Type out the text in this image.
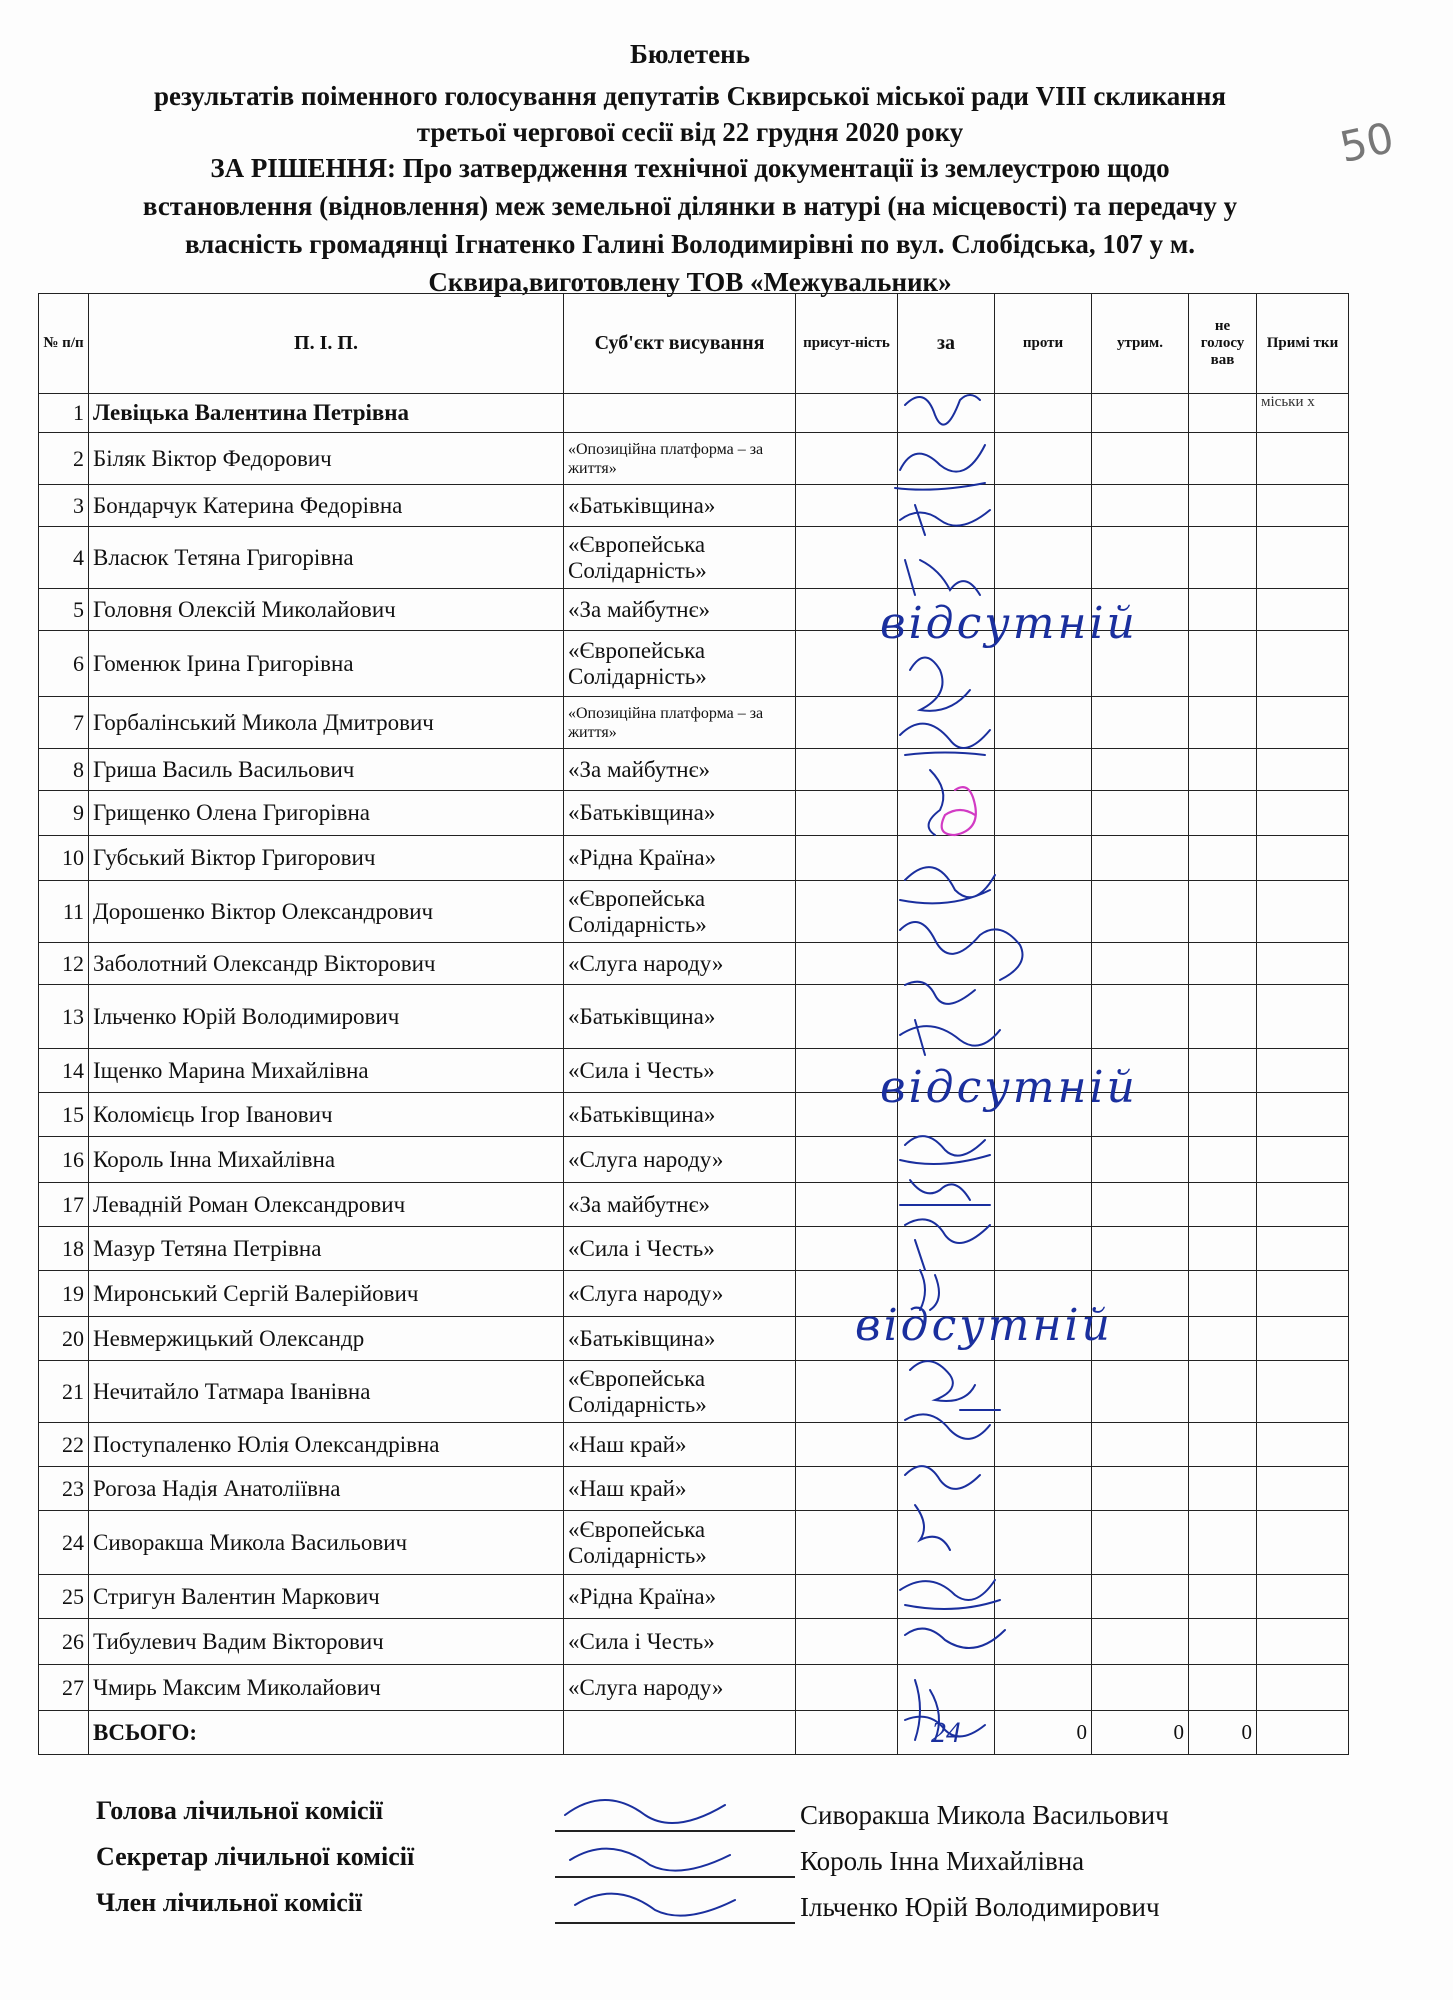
Бюлетень
результатів поіменного голосування депутатів Сквирської міської ради VIII скликання
третьої чергової сесії від 22 грудня 2020 року
ЗА РІШЕННЯ: Про затвердження технічної документації із землеустрою щодо
встановлення (відновлення) меж земельної ділянки в натурі (на місцевості) та передачу у
власність громадянці Ігнатенко Галині Володимирівні по вул. Слобідська, 107 у м.
Сквира,виготовлену ТОВ «Межувальник»
50
№ п/п	П. І. П.	Суб'єкт висування	присут-ність	за	проти	утрим.	не голосу вав	Примі тки
1	Левіцька Валентина Петрівна							міськи х
2	Біляк Віктор Федорович	«Опозиційна платформа – за життя»						
3	Бондарчук Катерина Федорівна	«Батьківщина»						
4	Власюк Тетяна Григорівна	«Європейська Солідарність»						
5	Головня Олексій Миколайович	«За майбутнє»						
6	Гоменюк Ірина Григорівна	«Європейська Солідарність»						
7	Горбалінський Микола Дмитрович	«Опозиційна платформа – за життя»						
8	Гриша Василь Васильович	«За майбутнє»						
9	Грищенко Олена Григорівна	«Батьківщина»						
10	Губський Віктор Григорович	«Рідна Країна»						
11	Дорошенко Віктор Олександрович	«Європейська Солідарність»						
12	Заболотний Олександр Вікторович	«Слуга народу»						
13	Ільченко Юрій Володимирович	«Батьківщина»						
14	Іщенко Марина Михайлівна	«Сила і Честь»						
15	Коломієць Ігор Іванович	«Батьківщина»						
16	Король Інна Михайлівна	«Слуга народу»						
17	Левадній Роман Олександрович	«За майбутнє»						
18	Мазур Тетяна Петрівна	«Сила і Честь»						
19	Миронський Сергій Валерійович	«Слуга народу»						
20	Невмержицький Олександр	«Батьківщина»						
21	Нечитайло Татмара Іванівна	«Європейська Солідарність»						
22	Поступаленко Юлія Олександрівна	«Наш край»						
23	Рогоза Надія Анатоліївна	«Наш край»						
24	Сиворакша Микола Васильович	«Європейська Солідарність»						
25	Стригун Валентин Маркович	«Рідна Країна»						
26	Тибулевич Вадим Вікторович	«Сила і Честь»						
27	Чмирь Максим Миколайович	«Слуга народу»						
	ВСЬОГО:			24	0	0	0	
відсутній
відсутній
відсутній
Голова лічильної комісії	Сиворакша Микола Васильович
Секретар лічильної комісії	Король Інна Михайлівна
Член лічильної комісії	Ільченко Юрій Володимирович
